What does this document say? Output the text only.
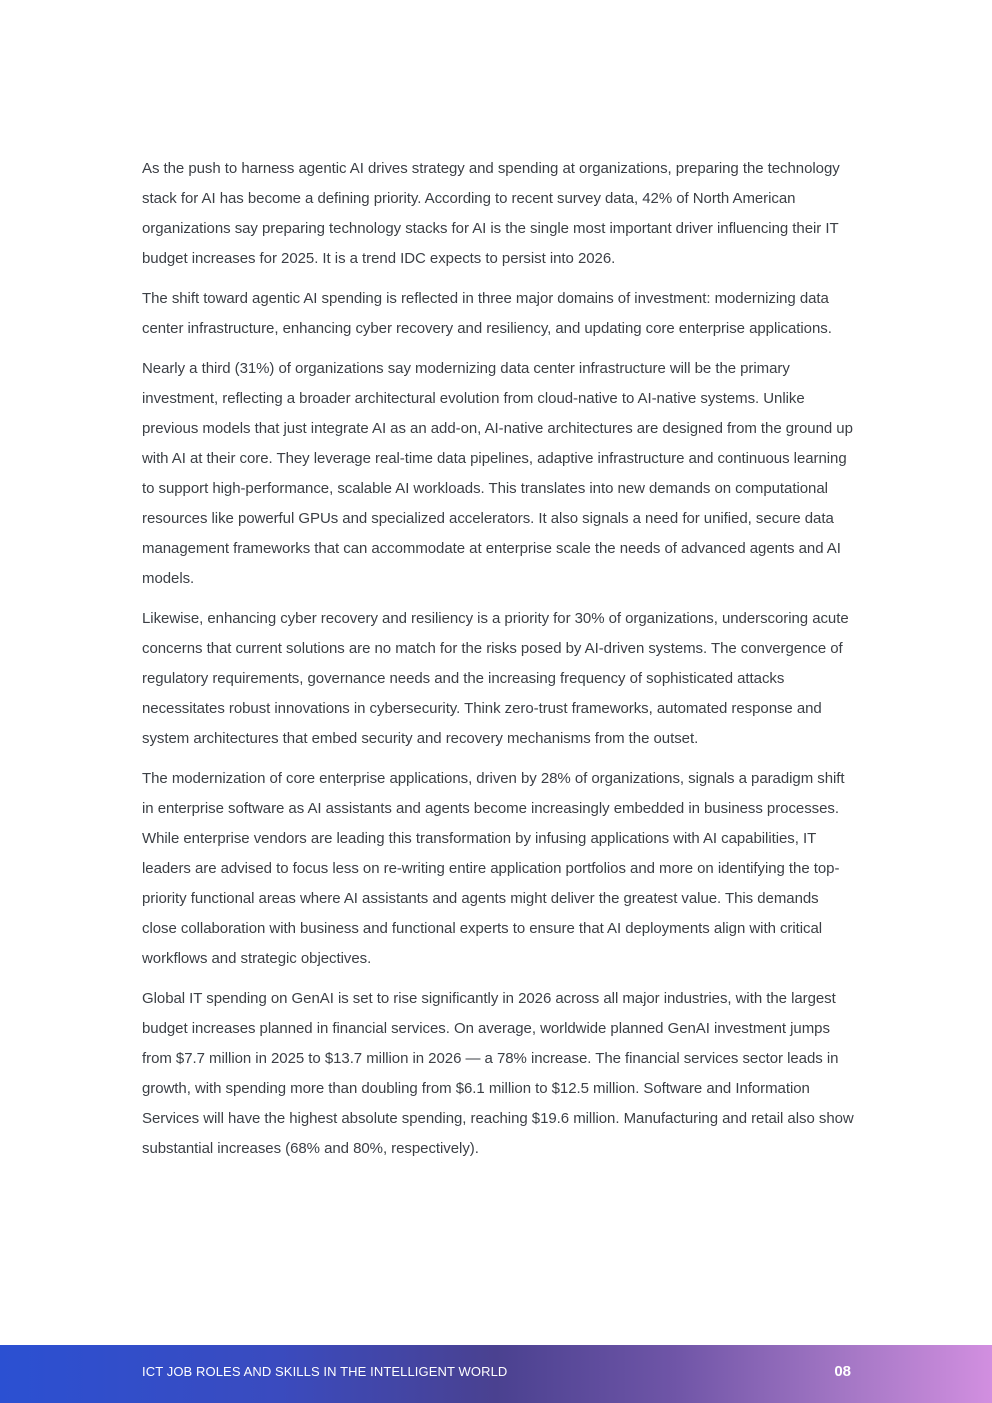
As the push to harness agentic AI drives strategy and spending at organizations, preparing the technology stack for AI has become a defining priority. According to recent survey data, 42% of North American organizations say preparing technology stacks for AI is the single most important driver influencing their IT budget increases for 2025. It is a trend IDC expects to persist into 2026.

The shift toward agentic AI spending is reflected in three major domains of investment: modernizing data center infrastructure, enhancing cyber recovery and resiliency, and updating core enterprise applications.

Nearly a third (31%) of organizations say modernizing data center infrastructure will be the primary investment, reflecting a broader architectural evolution from cloud-native to AI-native systems. Unlike previous models that just integrate AI as an add-on, AI-native architectures are designed from the ground up with AI at their core. They leverage real-time data pipelines, adaptive infrastructure and continuous learning to support high-performance, scalable AI workloads. This translates into new demands on computational resources like powerful GPUs and specialized accelerators. It also signals a need for unified, secure data management frameworks that can accommodate at enterprise scale the needs of advanced agents and AI models.

Likewise, enhancing cyber recovery and resiliency is a priority for 30% of organizations, underscoring acute concerns that current solutions are no match for the risks posed by AI-driven systems. The convergence of regulatory requirements, governance needs and the increasing frequency of sophisticated attacks necessitates robust innovations in cybersecurity. Think zero-trust frameworks, automated response and system architectures that embed security and recovery mechanisms from the outset.

The modernization of core enterprise applications, driven by 28% of organizations, signals a paradigm shift in enterprise software as AI assistants and agents become increasingly embedded in business processes. While enterprise vendors are leading this transformation by infusing applications with AI capabilities, IT leaders are advised to focus less on re-writing entire application portfolios and more on identifying the top-priority functional areas where AI assistants and agents might deliver the greatest value. This demands close collaboration with business and functional experts to ensure that AI deployments align with critical workflows and strategic objectives.

Global IT spending on GenAI is set to rise significantly in 2026 across all major industries, with the largest budget increases planned in financial services. On average, worldwide planned GenAI investment jumps from $7.7 million in 2025 to $13.7 million in 2026 — a 78% increase. The financial services sector leads in growth, with spending more than doubling from $6.1 million to $12.5 million. Software and Information Services will have the highest absolute spending, reaching $19.6 million. Manufacturing and retail also show substantial increases (68% and 80%, respectively).

ICT JOB ROLES AND SKILLS IN THE INTELLIGENT WORLD	08
